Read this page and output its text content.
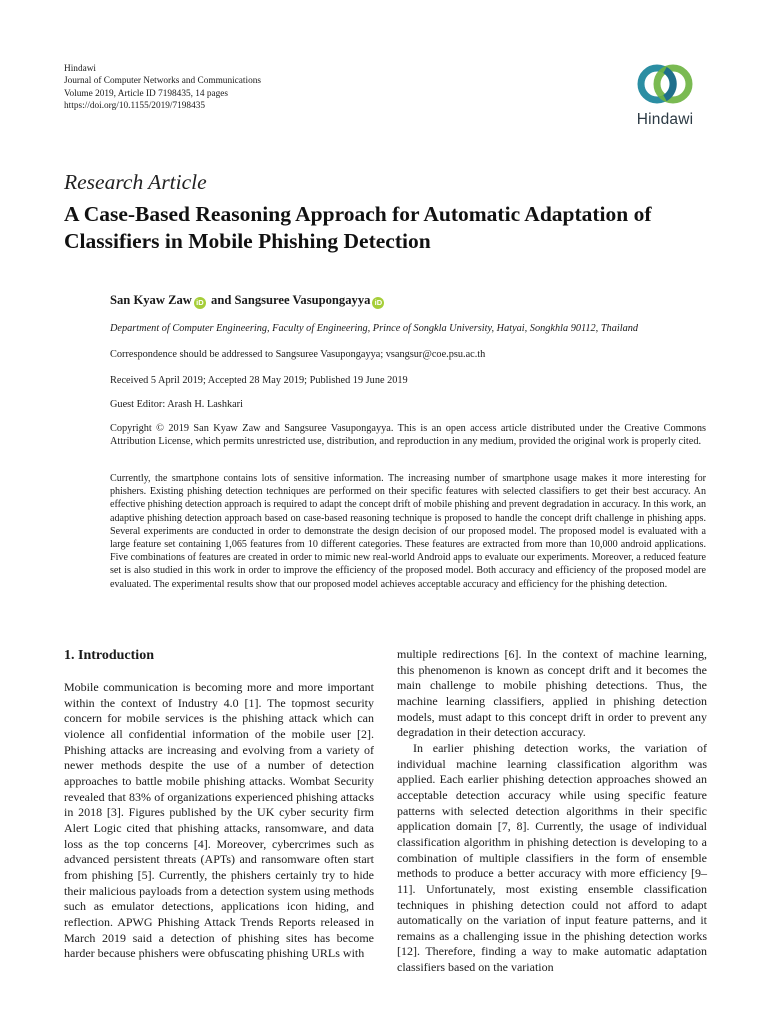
Hindawi
Journal of Computer Networks and Communications
Volume 2019, Article ID 7198435, 14 pages
https://doi.org/10.1155/2019/7198435
Hindawi
Research Article
A Case-Based Reasoning Approach for Automatic Adaptation of Classifiers in Mobile Phishing Detection
San Kyaw Zaw iD and Sangsuree Vasupongayya iD
Department of Computer Engineering, Faculty of Engineering, Prince of Songkla University, Hatyai, Songkhla 90112, Thailand
Correspondence should be addressed to Sangsuree Vasupongayya; vsangsur@coe.psu.ac.th
Received 5 April 2019; Accepted 28 May 2019; Published 19 June 2019
Guest Editor: Arash H. Lashkari
Copyright © 2019 San Kyaw Zaw and Sangsuree Vasupongayya. This is an open access article distributed under the Creative Commons Attribution License, which permits unrestricted use, distribution, and reproduction in any medium, provided the original work is properly cited.
Currently, the smartphone contains lots of sensitive information. The increasing number of smartphone usage makes it more interesting for phishers. Existing phishing detection techniques are performed on their specific features with selected classifiers to get their best accuracy. An effective phishing detection approach is required to adapt the concept drift of mobile phishing and prevent degradation in accuracy. In this work, an adaptive phishing detection approach based on case-based reasoning technique is proposed to handle the concept drift challenge in phishing apps. Several experiments are conducted in order to demonstrate the design decision of our proposed model. The proposed model is evaluated with a large feature set containing 1,065 features from 10 different categories. These features are extracted from more than 10,000 android applications. Five combinations of features are created in order to mimic new real-world Android apps to evaluate our experiments. Moreover, a reduced feature set is also studied in this work in order to improve the efficiency of the proposed model. Both accuracy and efficiency of the proposed model are evaluated. The experimental results show that our proposed model achieves acceptable accuracy and efficiency for the phishing detection.
1. Introduction

Mobile communication is becoming more and more important within the context of Industry 4.0 [1]. The topmost security concern for mobile services is the phishing attack which can violence all confidential information of the mobile user [2]. Phishing attacks are increasing and evolving from a variety of newer methods despite the use of a number of detection approaches to battle mobile phishing attacks. Wombat Security revealed that 83% of organizations experienced phishing attacks in 2018 [3]. Figures published by the UK cyber security firm Alert Logic cited that phishing attacks, ransomware, and data loss as the top concerns [4]. Moreover, cybercrimes such as advanced persistent threats (APTs) and ransomware often start from phishing [5]. Currently, the phishers certainly try to hide their malicious payloads from a detection system using methods such as emulator detections, applications icon hiding, and reflection. APWG Phishing Attack Trends Reports released in March 2019 said a detection of phishing sites has become harder because phishers were obfuscating phishing URLs with

multiple redirections [6]. In the context of machine learning, this phenomenon is known as concept drift and it becomes the main challenge to mobile phishing detections. Thus, the machine learning classifiers, applied in phishing detection models, must adapt to this concept drift in order to prevent any degradation in their detection accuracy.

In earlier phishing detection works, the variation of individual machine learning classification algorithm was applied. Each earlier phishing detection approaches showed an acceptable detection accuracy while using specific feature patterns with selected detection algorithms in their specific application domain [7, 8]. Currently, the usage of individual classification algorithm in phishing detection is developing to a combination of multiple classifiers in the form of ensemble methods to produce a better accuracy with more efficiency [9–11]. Unfortunately, most existing ensemble classification techniques in phishing detection could not afford to adapt automatically on the variation of input feature patterns, and it remains as a challenging issue in the phishing detection works [12]. Therefore, finding a way to make automatic adaptation classifiers based on the variation
